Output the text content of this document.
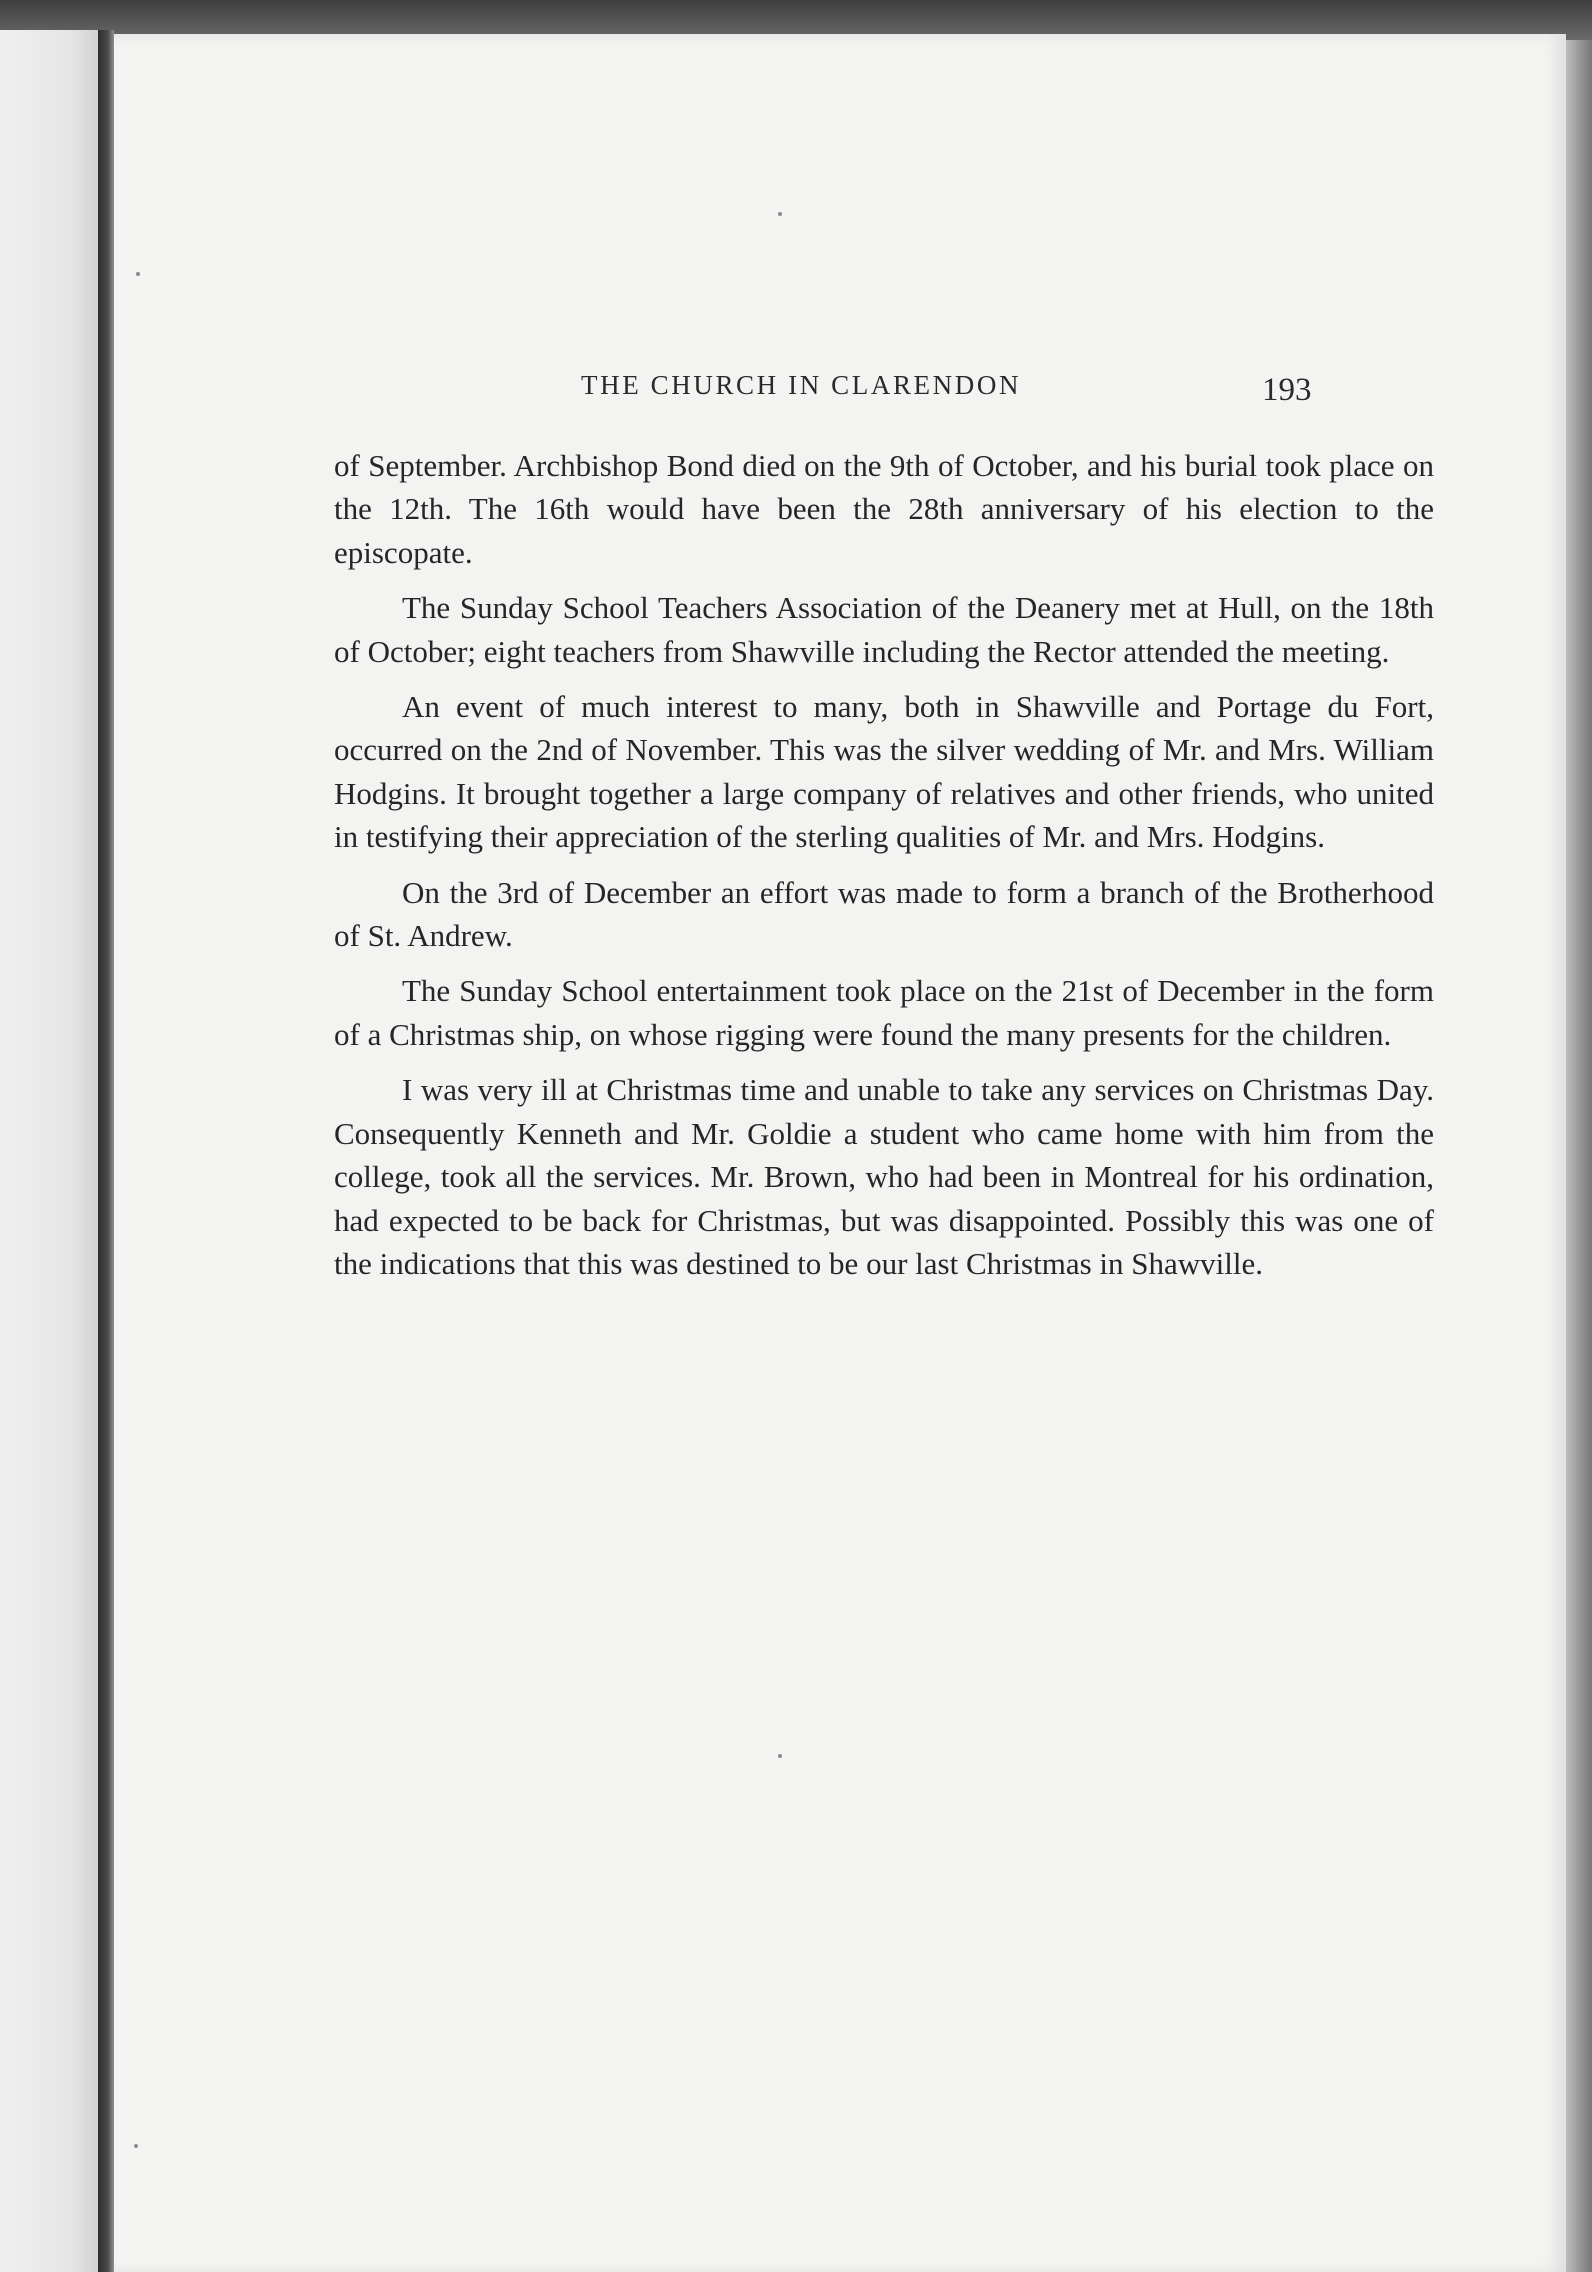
THE CHURCH IN CLARENDON	193

of September. Archbishop Bond died on the 9th of October, and his burial took place on the 12th. The 16th would have been the 28th anniversary of his election to the episcopate.

The Sunday School Teachers Association of the Deanery met at Hull, on the 18th of October; eight teachers from Shawville including the Rector attended the meeting.

An event of much interest to many, both in Shawville and Portage du Fort, occurred on the 2nd of November. This was the silver wedding of Mr. and Mrs. William Hodgins. It brought together a large company of relatives and other friends, who united in testifying their appreciation of the sterling qualities of Mr. and Mrs. Hodgins.

On the 3rd of December an effort was made to form a branch of the Brotherhood of St. Andrew.

The Sunday School entertainment took place on the 21st of December in the form of a Christmas ship, on whose rigging were found the many presents for the children.

I was very ill at Christmas time and unable to take any services on Christmas Day. Consequently Kenneth and Mr. Goldie a student who came home with him from the college, took all the services. Mr. Brown, who had been in Montreal for his ordination, had expected to be back for Christmas, but was disappointed. Possibly this was one of the indications that this was destined to be our last Christmas in Shawville.
